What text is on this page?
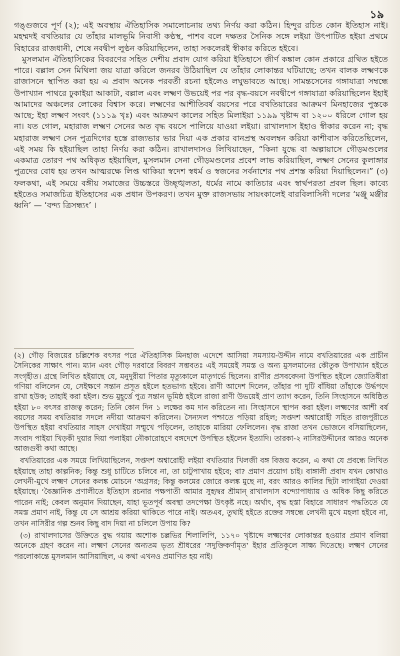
১৯

গঙ্গুজবে পূর্ণ (২); এই অবস্থায় ঐতিহাসিক সমালোচনায় তথ্য নির্ণয় করা কঠিন। হিন্দুর রচিত কোন ইতিহাস নাই। মহম্মদই বখতিয়ার যে তাঁহার মালভূমি নিবাসী কণ্ঠস্থ, পাশব বলে দক্ষতর সৈনিক সঙ্গে লইয়া উৎপাটিত হইয়া প্রথমে বিহারের রাজধানী, শেষে নবদ্বীপ লুণ্ঠন করিয়াছিলেন, তাহা সকলেরই স্বীকার করিতে হইবে।

মুসলমান ঐতিহাসিকের বিবরণের সহিত দেশীয় প্রবাদ যোগ করিয়া ইতিহাসে জীর্ণ কঙ্কাল কোন প্রকারে গ্রথিত হইতে পারে। বল্লাল সেন মিথিলা জয় যাত্রা করিলে জনরব উঠিয়াছিল যে তাঁহার লোকান্তর ঘটিয়াছে; তখন বালক লক্ষ্মণকে রাজাসনে স্থাপিত করা হয় এ প্রবাদ অনেক পরবর্তী রচনা হইলেও লঘুভাবতে আছে। সামন্তসেনের গঙ্গাযাত্রা সম্বন্ধে উপাখ্যান পাথরে ঢুকাইয়া আকাটা, বল্লাল এবং লক্ষ্মণ উভয়েই পর পর বৃদ্ধ-বয়সে নবদ্বীপে গঙ্গাযাত্রা করিয়াছিলেন ইহাই আমাদের অঞ্চলের লোকের বিশ্বাস করে। লক্ষ্মণের আশীতিবর্ষ বয়সের পরে বখতিয়ারের আক্রমণ মিনহাজের পুস্তকে আছে; ইহা লক্ষ্মণ সংবৎ (১১১৯ খৃঃ) এবং আক্রমণ কালের সহিত মিলাইয়া ১১৯৯ খৃষ্টাব্দ বা ১২০০ ধরিলে গোল হয় না। যত গোল, মহারাজ লক্ষ্মণ সেনের অত বৃদ্ধ বয়সে পালিয়ে যাওয়া লইয়া। রাখালদাস ইহাও স্বীকার করেন না; বৃদ্ধ মহারাজ লক্ষ্মণ সেন পুত্রদিগের হস্তে রাজ্যভার ভার দিয়া এক প্রকার বানপ্রস্থ অবলম্বন করিয়া কাশীবাস করিতেছিলেন, এই সময় কি হইয়াছিল তাহা নির্ণয় করা কঠিন। রাখালদাসও লিখিয়াছেন, “কিনা যুদ্ধে বা অল্পায়াসে গৌড়মণ্ডলের একমাত্র তোরণ পথ অধিকৃত হইয়াছিল, মুসলমান সেনা গৌড়মণ্ডলের প্রবেশ লাভ করিয়াছিল, লক্ষ্মণ সেনের কুলাঙ্গার পুত্রদের বোধ হয় তখন আত্মরক্ষে লিপ্ত থাকিয়া স্বদেশ স্বধর্ম ও স্বজনের সর্বনাশের পথ প্রশস্ত করিয়া দিয়াছিলেন।” (৩) ফলকথা, এই সময়ে বঙ্গীয় সমাজের উচ্চস্তরে উচ্ছৃঙ্খলতা, ধর্মের নামে কাতিচার এবং স্বার্থপরতা প্রবল ছিল। কাব্যে হইতেও সমাজচিত্র ইতিহাসের এক প্রধান উপকরণ। তখন মুক্ত রাজসভায় সায়ংকালেই বারবিলাসিনী দলের ‘মঞ্জু মঞ্জীর ধ্বনি’ — ‘বন্দ্য ত্রিসন্ধ্যং’ ।

(২) গৌড় বিজয়ের চল্লিশেক বৎসর পরে ঐতিহাসিক মিনহাজ এদেশে আসিয়া সমস্যায়-উদ্দীন নামে বখতিয়ারের এক প্রাচীন সৈনিকের সাক্ষাৎ পান। ম্যান এবং গৌড় দরবারে বিবরণ সম্ভবতঃ এই সময়েই সমস্ত ও অন্য মুসলমানের কৌতুক উপাখ্যান হইতে সংগৃহীত। গ্রন্থে লিখিত হইয়াছে যে, মনুদুরীয়া পিতার মৃত্যুকালে মাতৃগর্ভে ছিলেন। রাণীর প্রসববেদনা উপস্থিত হইলে জ্যোতিষীরা গণিয়া বলিলেন যে, সেইক্ষণে সন্তান প্রসূত হইলে হতভাগ্য হইবে। রাণী আদেশ দিলেন, তাঁহার পা দুটি বাঁধিয়া তাঁহাকে উর্দ্ধপদে রাখা হউক; তাহাই করা হইল। শুভ মুহূর্ত্তে পুত্র সন্তান ভূমিষ্ঠ হইলে রাজা রাণী উভয়েই প্রাণ ত্যাগ করেন, তিনি সিংহাসনে অধিষ্ঠিত হইয়া ৮০ বৎসর রাজত্ব করেন; তিনি কোন দিন ১ লক্ষের কম দান করিতেন না। সিংহাসনে স্থাপন করা হইল। লক্ষ্মণের আশী বর্ষ বয়সের সময় বখতিয়ার সদলে নদীয়া আক্রমণ করিলেন। সৈন্যদল পশ্চাতে পড়িয়া রহিল; সপ্তদশ অশ্বারোহী সহিত রাজপুরীতে উপস্থিত হইয়া বখতিয়ার সাহস দেখাইয়া সম্মুখে পড়িলেন, তাহাকে মারিয়া ফেলিলেন। বৃদ্ধ রাজা তখন ভোজনে বসিয়াছিলেন, সংবাদ পাইয়া খিড়কী দুয়ার দিয়া পলাইয়া নৌকারোহণে বঙ্গদেশে উপস্থিত হইলেন ইত্যাদি। তারকা-২ নাসিরউদ্দীনের আরও অনেক আজগুবী কথা আছে।

বখতিয়ারের এক সময়ে লিখিয়াছিলেন, সপ্তদশ অশ্বারোহী লইয়া বখতিয়ার খিলজী বঙ্গ বিজয় করেন, এ কথা যে প্রবন্ধে লিখিত হইয়াছে তাহা কাল্পনিক; কিন্তু শুধু চাটিতে চলিবে না, তা চাটুপাখায় হইবে; বা? প্রমাণ প্রয়োগ চাই। বাঙ্গালী প্রবাদ যখন কোথাও লেখনী-মুখে লক্ষ্মণ সেনের কলঙ্ক মোচনে ‘অগ্রসর; কিন্তু কলমের জোরে কলঙ্ক মুছে না, বরং আরও কালির ছিটা লাগাইয়া দেওয়া হইয়াছে। ‘বৈজ্ঞানিক প্রণালীতে ইতিহাস রচনার পক্ষপাতী আমার সুহৃদ্বর শ্রীমান্ রাখালদাস বন্দ্যোপাধ্যায় ও অধিক কিছু করিতে পারেন নাই; কেবল অনুমান দিয়াছেন, যাহা ভূতপূর্ব অবস্থা তদপেক্ষা উৎকৃষ্ট নহে। অর্থাৎ, বৃদ্ধ হস্তা বিহারে সাধারণ পদ্ধতিতে যে সমস্ত প্রমাণ নাই, কিন্তু যে সে আশ্রয় করিয়া থাকিতে পারে নাই। অতএব, তুথাই হইতে রক্তের সম্বন্ধে লেখনী মুখে মহলা হইবে না, তখন নাসিরীর গল্প শুনব কিছু বাদ দিয়া না চলিলে উপায় কি?

(৩) রাখালদাসের উক্তিতে বুদ্ধ গয়ায় অশোক চল্লভির শিলালিপি, ১১৭০ খৃষ্টাব্দে লক্ষ্মণের লোকান্তর হওয়ার প্রমাণ বলিয়া অনেকে গ্রহণ করেন না। লক্ষ্মণ সেনের অন্যতম ভৃত্য শ্রীধরের ‘সদুক্তিকর্ণামৃত’ ইহার প্রতিকূলে সাক্ষ্য দিতেছে। লক্ষ্মণ সেনের পরলোকান্তে মুসলমান আসিয়াছিল, এ কথা এখনও প্রমাণিত হয় নাই।
